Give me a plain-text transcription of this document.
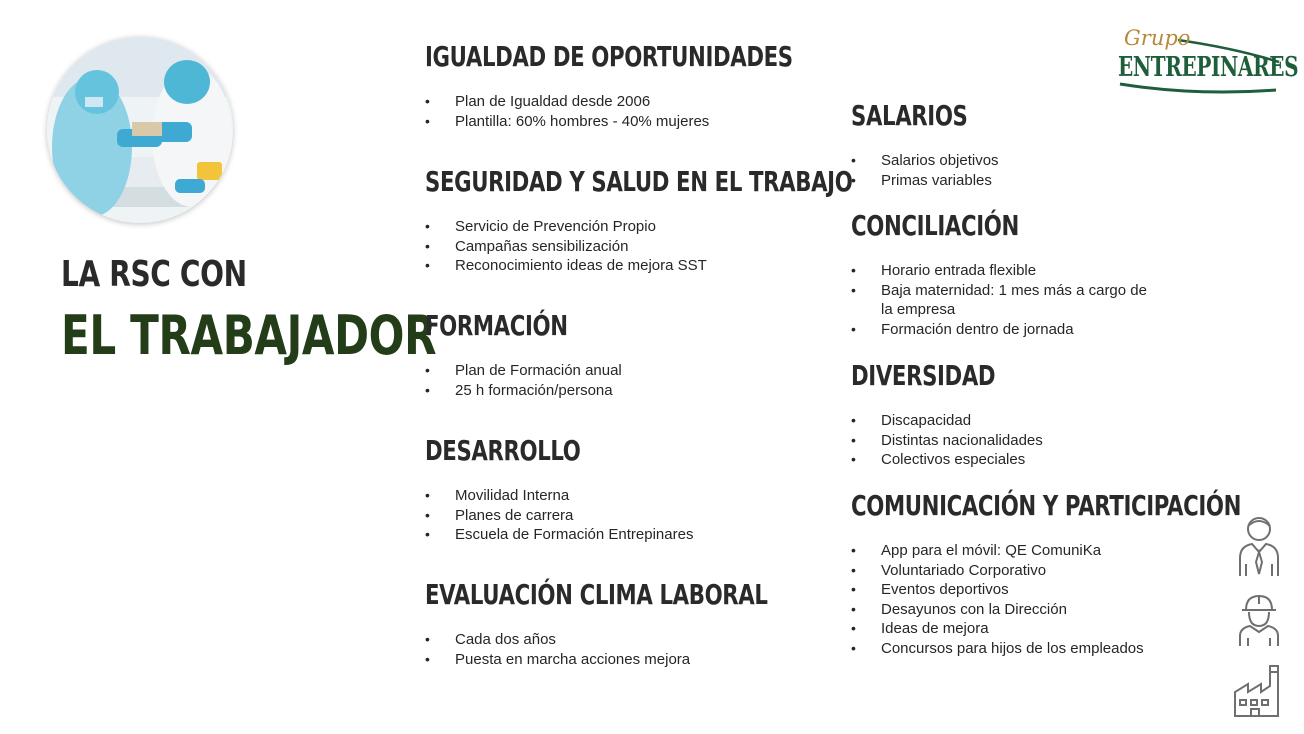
LA RSC CON
EL TRABAJADOR
Grupo
ENTREPINARES
IGUALDAD DE OPORTUNIDADES
• Plan de Igualdad desde 2006
• Plantilla: 60% hombres - 40% mujeres
SEGURIDAD Y SALUD EN EL TRABAJO
• Servicio de Prevención Propio
• Campañas sensibilización
• Reconocimiento ideas de mejora SST
FORMACIÓN
• Plan de Formación anual
• 25 h formación/persona
DESARROLLO
• Movilidad Interna
• Planes de carrera
• Escuela de Formación Entrepinares
EVALUACIÓN CLIMA LABORAL
• Cada dos años
• Puesta en marcha acciones mejora
SALARIOS
• Salarios objetivos
• Primas variables
CONCILIACIÓN
• Horario entrada flexible
• Baja maternidad: 1 mes más a cargo de la empresa
• Formación dentro de jornada
DIVERSIDAD
• Discapacidad
• Distintas nacionalidades
• Colectivos especiales
COMUNICACIÓN Y PARTICIPACIÓN
• App para el móvil: QE ComuniKa
• Voluntariado Corporativo
• Eventos deportivos
• Desayunos con la Dirección
• Ideas de mejora
• Concursos para hijos de los empleados
